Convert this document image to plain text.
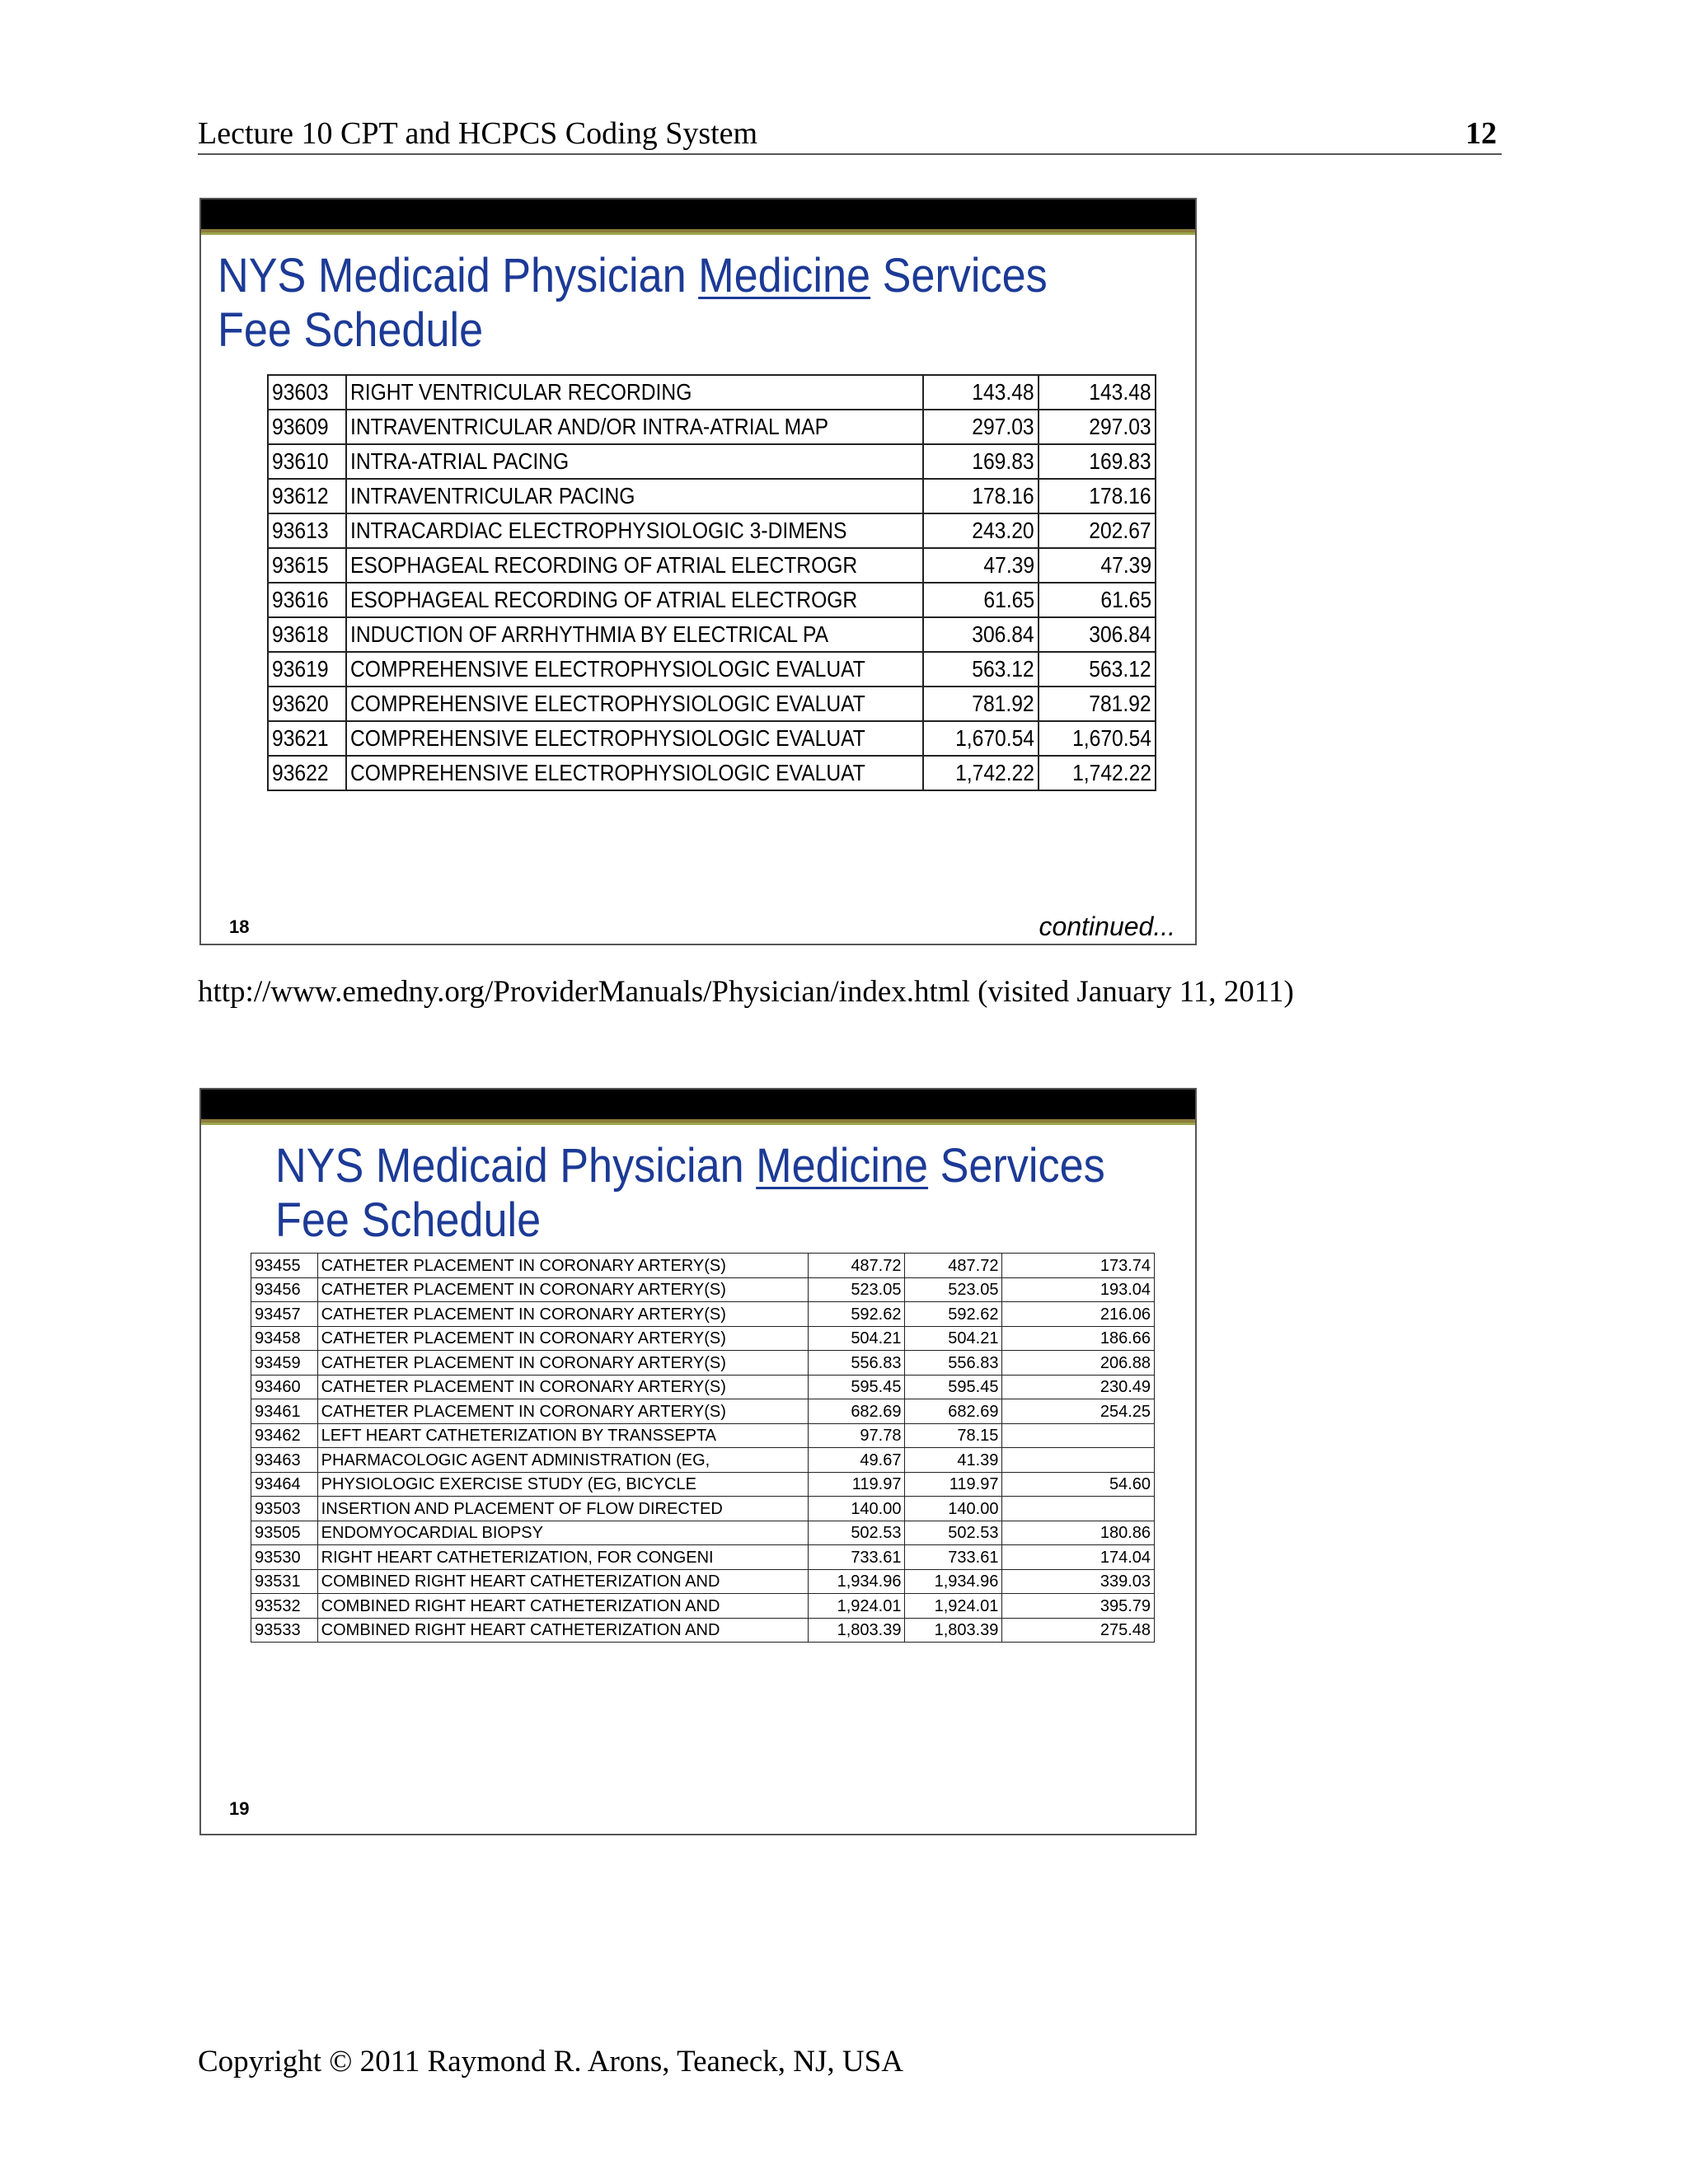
Lecture 10 CPT and HCPCS Coding System	12
NYS Medicaid Physician Medicine Services
Fee Schedule
93603	RIGHT VENTRICULAR RECORDING	143.48	143.48
93609	INTRAVENTRICULAR AND/OR INTRA-ATRIAL MAP	297.03	297.03
93610	INTRA-ATRIAL PACING	169.83	169.83
93612	INTRAVENTRICULAR PACING	178.16	178.16
93613	INTRACARDIAC ELECTROPHYSIOLOGIC 3-DIMENS	243.20	202.67
93615	ESOPHAGEAL RECORDING OF ATRIAL ELECTROGR	47.39	47.39
93616	ESOPHAGEAL RECORDING OF ATRIAL ELECTROGR	61.65	61.65
93618	INDUCTION OF ARRHYTHMIA BY ELECTRICAL PA	306.84	306.84
93619	COMPREHENSIVE ELECTROPHYSIOLOGIC EVALUAT	563.12	563.12
93620	COMPREHENSIVE ELECTROPHYSIOLOGIC EVALUAT	781.92	781.92
93621	COMPREHENSIVE ELECTROPHYSIOLOGIC EVALUAT	1,670.54	1,670.54
93622	COMPREHENSIVE ELECTROPHYSIOLOGIC EVALUAT	1,742.22	1,742.22
18	continued...
http://www.emedny.org/ProviderManuals/Physician/index.html (visited January 11, 2011)
NYS Medicaid Physician Medicine Services
Fee Schedule
93455	CATHETER PLACEMENT IN CORONARY ARTERY(S)	487.72	487.72	173.74
93456	CATHETER PLACEMENT IN CORONARY ARTERY(S)	523.05	523.05	193.04
93457	CATHETER PLACEMENT IN CORONARY ARTERY(S)	592.62	592.62	216.06
93458	CATHETER PLACEMENT IN CORONARY ARTERY(S)	504.21	504.21	186.66
93459	CATHETER PLACEMENT IN CORONARY ARTERY(S)	556.83	556.83	206.88
93460	CATHETER PLACEMENT IN CORONARY ARTERY(S)	595.45	595.45	230.49
93461	CATHETER PLACEMENT IN CORONARY ARTERY(S)	682.69	682.69	254.25
93462	LEFT HEART CATHETERIZATION BY TRANSSEPTA	97.78	78.15	
93463	PHARMACOLOGIC AGENT ADMINISTRATION (EG,	49.67	41.39	
93464	PHYSIOLOGIC EXERCISE STUDY (EG, BICYCLE	119.97	119.97	54.60
93503	INSERTION AND PLACEMENT OF FLOW DIRECTED	140.00	140.00	
93505	ENDOMYOCARDIAL BIOPSY	502.53	502.53	180.86
93530	RIGHT HEART CATHETERIZATION, FOR CONGENI	733.61	733.61	174.04
93531	COMBINED RIGHT HEART CATHETERIZATION AND	1,934.96	1,934.96	339.03
93532	COMBINED RIGHT HEART CATHETERIZATION AND	1,924.01	1,924.01	395.79
93533	COMBINED RIGHT HEART CATHETERIZATION AND	1,803.39	1,803.39	275.48
19
Copyright © 2011 Raymond R. Arons, Teaneck, NJ, USA
